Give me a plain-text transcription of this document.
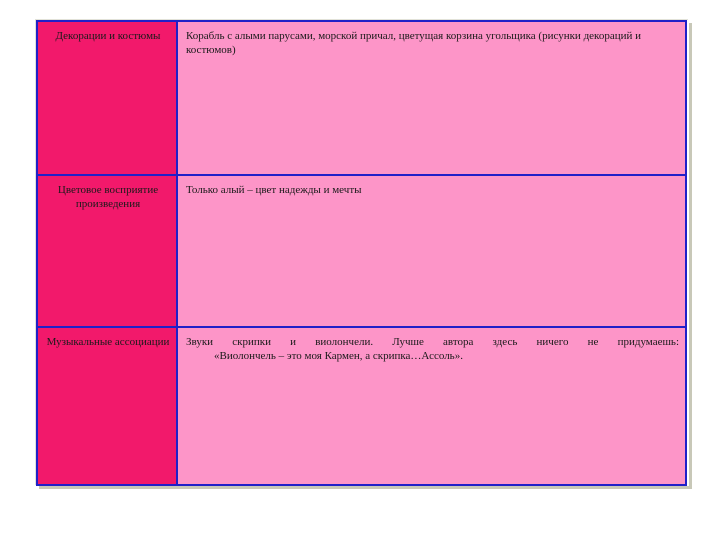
Декорации и костюмы	Корабль с алыми парусами, морской причал, цветущая корзина угольщика (рисунки декораций и костюмов)

Цветовое восприятие произведения	Только алый – цвет надежды и мечты

Музыкальные ассоциации	Звуки скрипки и виолончели. Лучше автора здесь ничего не придумаешь:
«Виолончель – это моя Кармен, а скрипка…Ассоль».
